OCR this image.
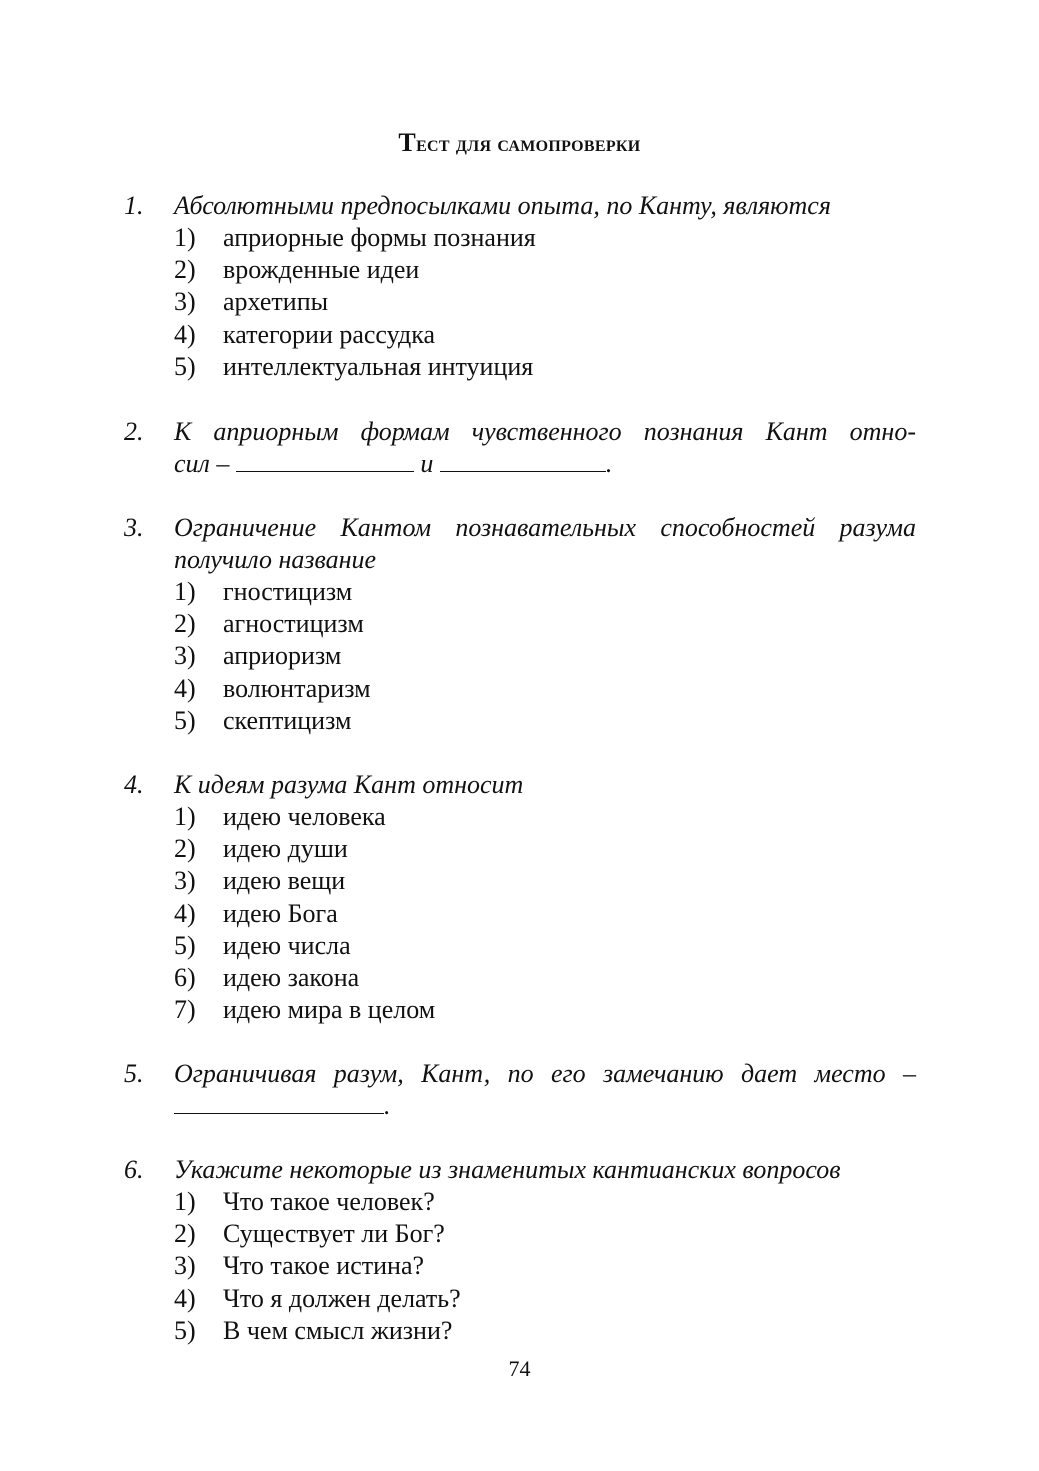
Тест для самопроверки
1. Абсолютными предпосылками опыта, по Канту, являются
1) априорные формы познания
2) врожденные идеи
3) архетипы
4) категории рассудка
5) интеллектуальная интуиция
2. К априорным формам чувственного познания Кант отно-
сил –	и	.
3. Ограничение Кантом познавательных способностей разума
получило название
1) гностицизм
2) агностицизм
3) априоризм
4) волюнтаризм
5) скептицизм
4. К идеям разума Кант относит
1) идею человека
2) идею души
3) идею вещи
4) идею Бога
5) идею числа
6) идею закона
7) идею мира в целом
5. Ограничивая разум, Кант, по его замечанию дает место –
.
6. Укажите некоторые из знаменитых кантианских вопросов
1) Что такое человек?
2) Существует ли Бог?
3) Что такое истина?
4) Что я должен делать?
5) В чем смысл жизни?
74
